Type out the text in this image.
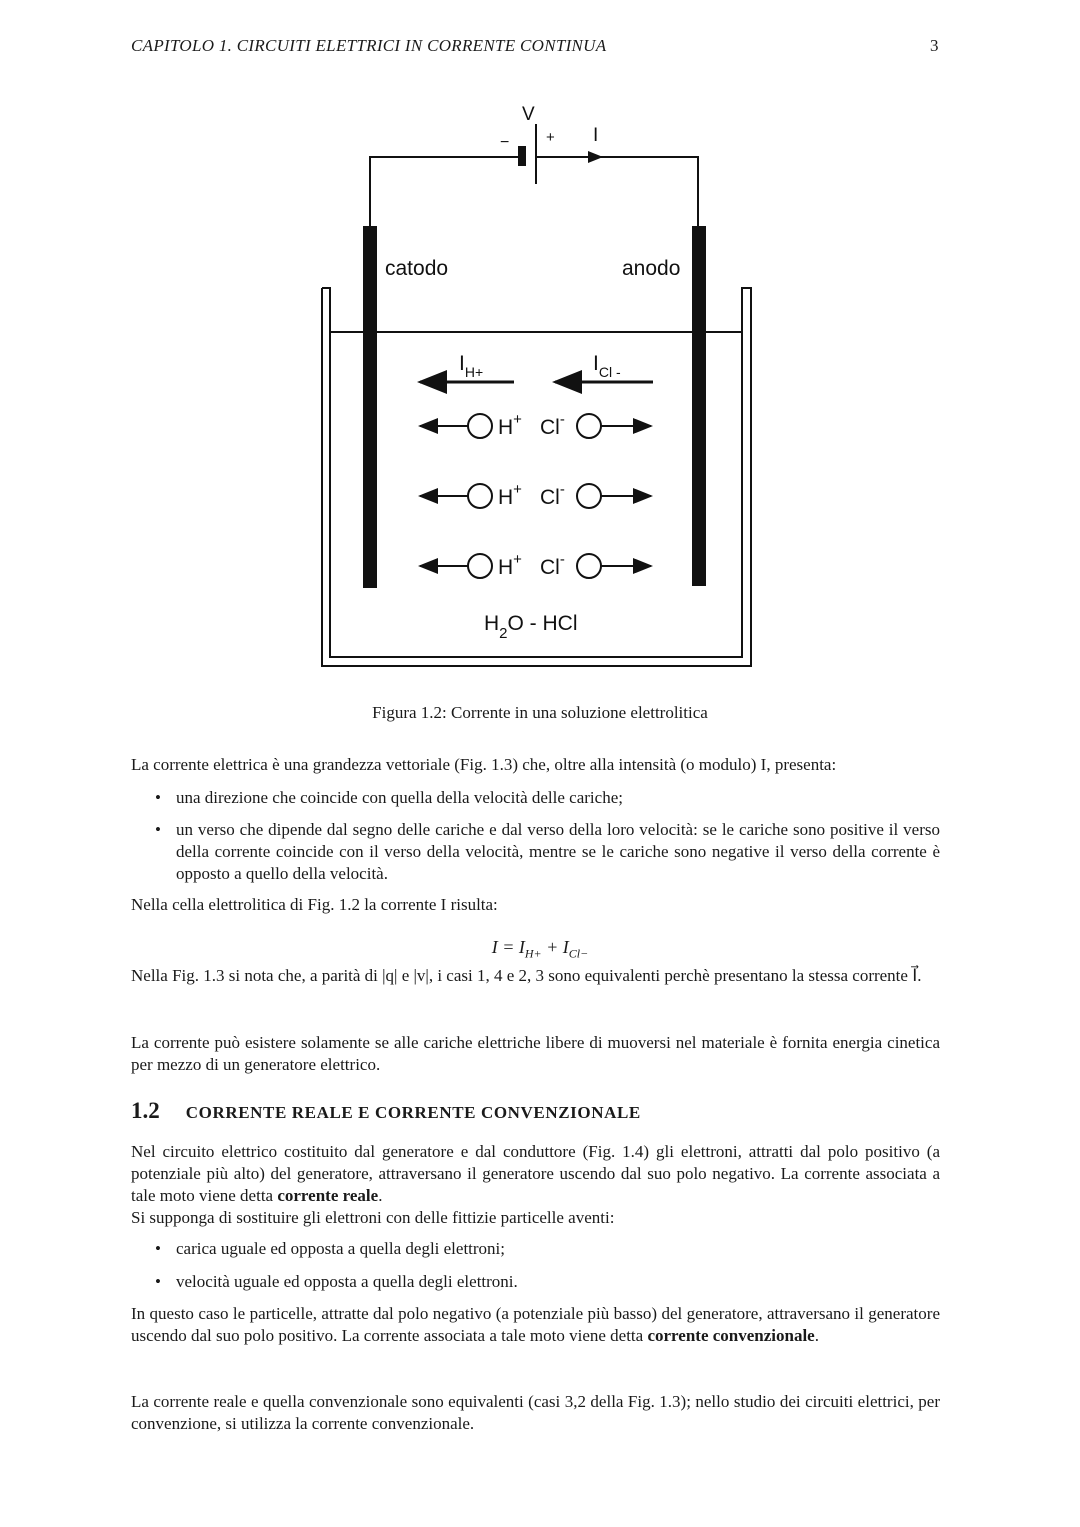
CAPITOLO 1. CIRCUITI ELETTRICI IN CORRENTE CONTINUA	3
V
− + I
catodo	anodo
$I_{H+}$	$I_{Cl -}$
H+ Cl-
H+ Cl-
H+ Cl-
$H_2O$ - HCl
Figura 1.2: Corrente in una soluzione elettrolitica
La corrente elettrica è una grandezza vettoriale (Fig. 1.3) che, oltre alla intensità (o modulo) I, presenta:
• una direzione che coincide con quella della velocità delle cariche;
• un verso che dipende dal segno delle cariche e dal verso della loro velocità: se le cariche sono positive il verso della corrente coincide con il verso della velocità, mentre se le cariche sono negative il verso della corrente è opposto a quello della velocità.
Nella cella elettrolitica di Fig. 1.2 la corrente I risulta:
$I = I_{H+} + I_{Cl-}$
Nella Fig. 1.3 si nota che, a parità di |q| e |v|, i casi 1, 4 e 2, 3 sono equivalenti perchè presentano la stessa corrente I⃗.
La corrente può esistere solamente se alle cariche elettriche libere di muoversi nel materiale è fornita energia cinetica per mezzo di un generatore elettrico.
1.2 CORRENTE REALE E CORRENTE CONVENZIONALE
Nel circuito elettrico costituito dal generatore e dal conduttore (Fig. 1.4) gli elettroni, attratti dal polo positivo (a potenziale più alto) del generatore, attraversano il generatore uscendo dal suo polo negativo. La corrente associata a tale moto viene detta corrente reale.
Si supponga di sostituire gli elettroni con delle fittizie particelle aventi:
• carica uguale ed opposta a quella degli elettroni;
• velocità uguale ed opposta a quella degli elettroni.
In questo caso le particelle, attratte dal polo negativo (a potenziale più basso) del generatore, attraversano il generatore uscendo dal suo polo positivo. La corrente associata a tale moto viene detta corrente convenzionale.
La corrente reale e quella convenzionale sono equivalenti (casi 3,2 della Fig. 1.3); nello studio dei circuiti elettrici, per convenzione, si utilizza la corrente convenzionale.
